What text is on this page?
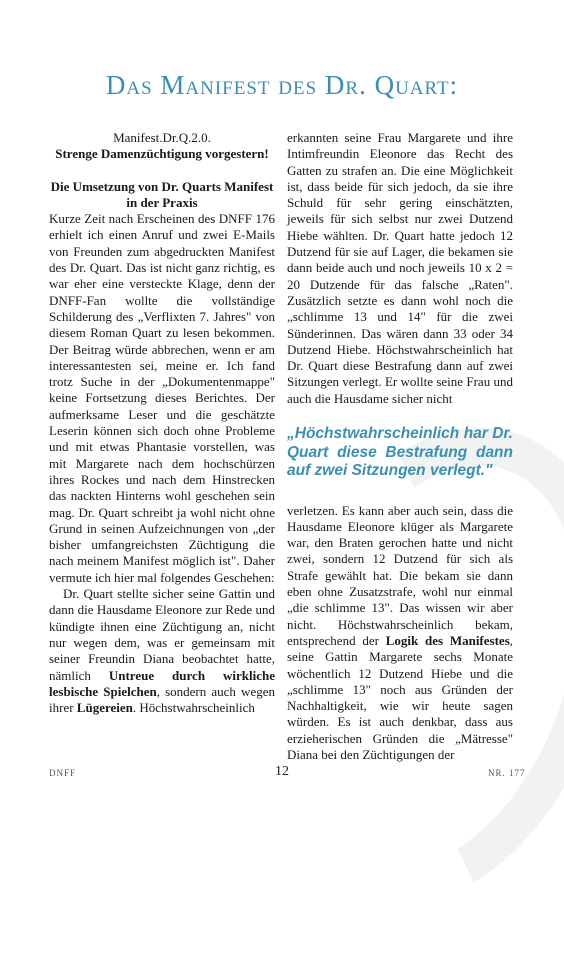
Das Manifest des Dr. Quart:

Manifest.Dr.Q.2.0.

Strenge Damenzüchtigung vorgestern!

Die Umsetzung von Dr. Quarts Manifest in der Praxis

Kurze Zeit nach Erscheinen des DNFF 176 erhielt ich einen Anruf und zwei E-Mails von Freunden zum abgedruckten Manifest des Dr. Quart. Das ist nicht ganz richtig, es war eher eine versteckte Klage, denn der DNFF-Fan wollte die vollständige Schilderung des „Verflixten 7. Jahres" von diesem Roman Quart zu lesen bekommen. Der Beitrag würde abbrechen, wenn er am interessantesten sei, meine er. Ich fand trotz Suche in der „Dokumentenmappe" keine Fortsetzung dieses Berichtes. Der aufmerksame Leser und die geschätzte Leserin können sich doch ohne Probleme und mit etwas Phantasie vorstellen, was mit Margarete nach dem hochschürzen ihres Rockes und nach dem Hinstrecken das nackten Hinterns wohl geschehen sein mag. Dr. Quart schreibt ja wohl nicht ohne Grund in seinen Aufzeichnungen von „der bisher umfangreichsten Züchtigung die nach meinem Manifest möglich ist". Daher vermute ich hier mal folgendes Geschehen:

Dr. Quart stellte sicher seine Gattin und dann die Hausdame Eleonore zur Rede und kündigte ihnen eine Züchtigung an, nicht nur wegen dem, was er gemeinsam mit seiner Freundin Diana beobachtet hatte, nämlich Untreue durch wirkliche lesbische Spielchen, sondern auch wegen ihrer Lügereien. Höchstwahrscheinlich

erkannten seine Frau Margarete und ihre Intimfreundin Eleonore das Recht des Gatten zu strafen an. Die eine Möglichkeit ist, dass beide für sich jedoch, da sie ihre Schuld für sehr gering einschätzten, jeweils für sich selbst nur zwei Dutzend Hiebe wählten. Dr. Quart hatte jedoch 12 Dutzend für sie auf Lager, die bekamen sie dann beide auch und noch jeweils 10 x 2 = 20 Dutzende für das falsche „Raten". Zusätzlich setzte es dann wohl noch die „schlimme 13 und 14" für die zwei Sünderinnen. Das wären dann 33 oder 34 Dutzend Hiebe. Höchstwahrscheinlich hat Dr. Quart diese Bestrafung dann auf zwei Sitzungen verlegt. Er wollte seine Frau und auch die Hausdame sicher nicht

„Höchstwahrscheinlich har Dr. Quart diese Bestrafung dann auf zwei Sitzungen verlegt."

verletzen. Es kann aber auch sein, dass die Hausdame Eleonore klüger als Margarete war, den Braten gerochen hatte und nicht zwei, sondern 12 Dutzend für sich als Strafe gewählt hat. Die bekam sie dann eben ohne Zusatzstrafe, wohl nur einmal „die schlimme 13". Das wissen wir aber nicht. Höchstwahrscheinlich bekam, entsprechend der Logik des Manifestes, seine Gattin Margarete sechs Monate wöchentlich 12 Dutzend Hiebe und die „schlimme 13" noch aus Gründen der Nachhaltigkeit, wie wir heute sagen würden. Es ist auch denkbar, dass aus erzieherischen Gründen die „Mätresse" Diana bei den Züchtigungen der

DNFF	12	NR. 177
